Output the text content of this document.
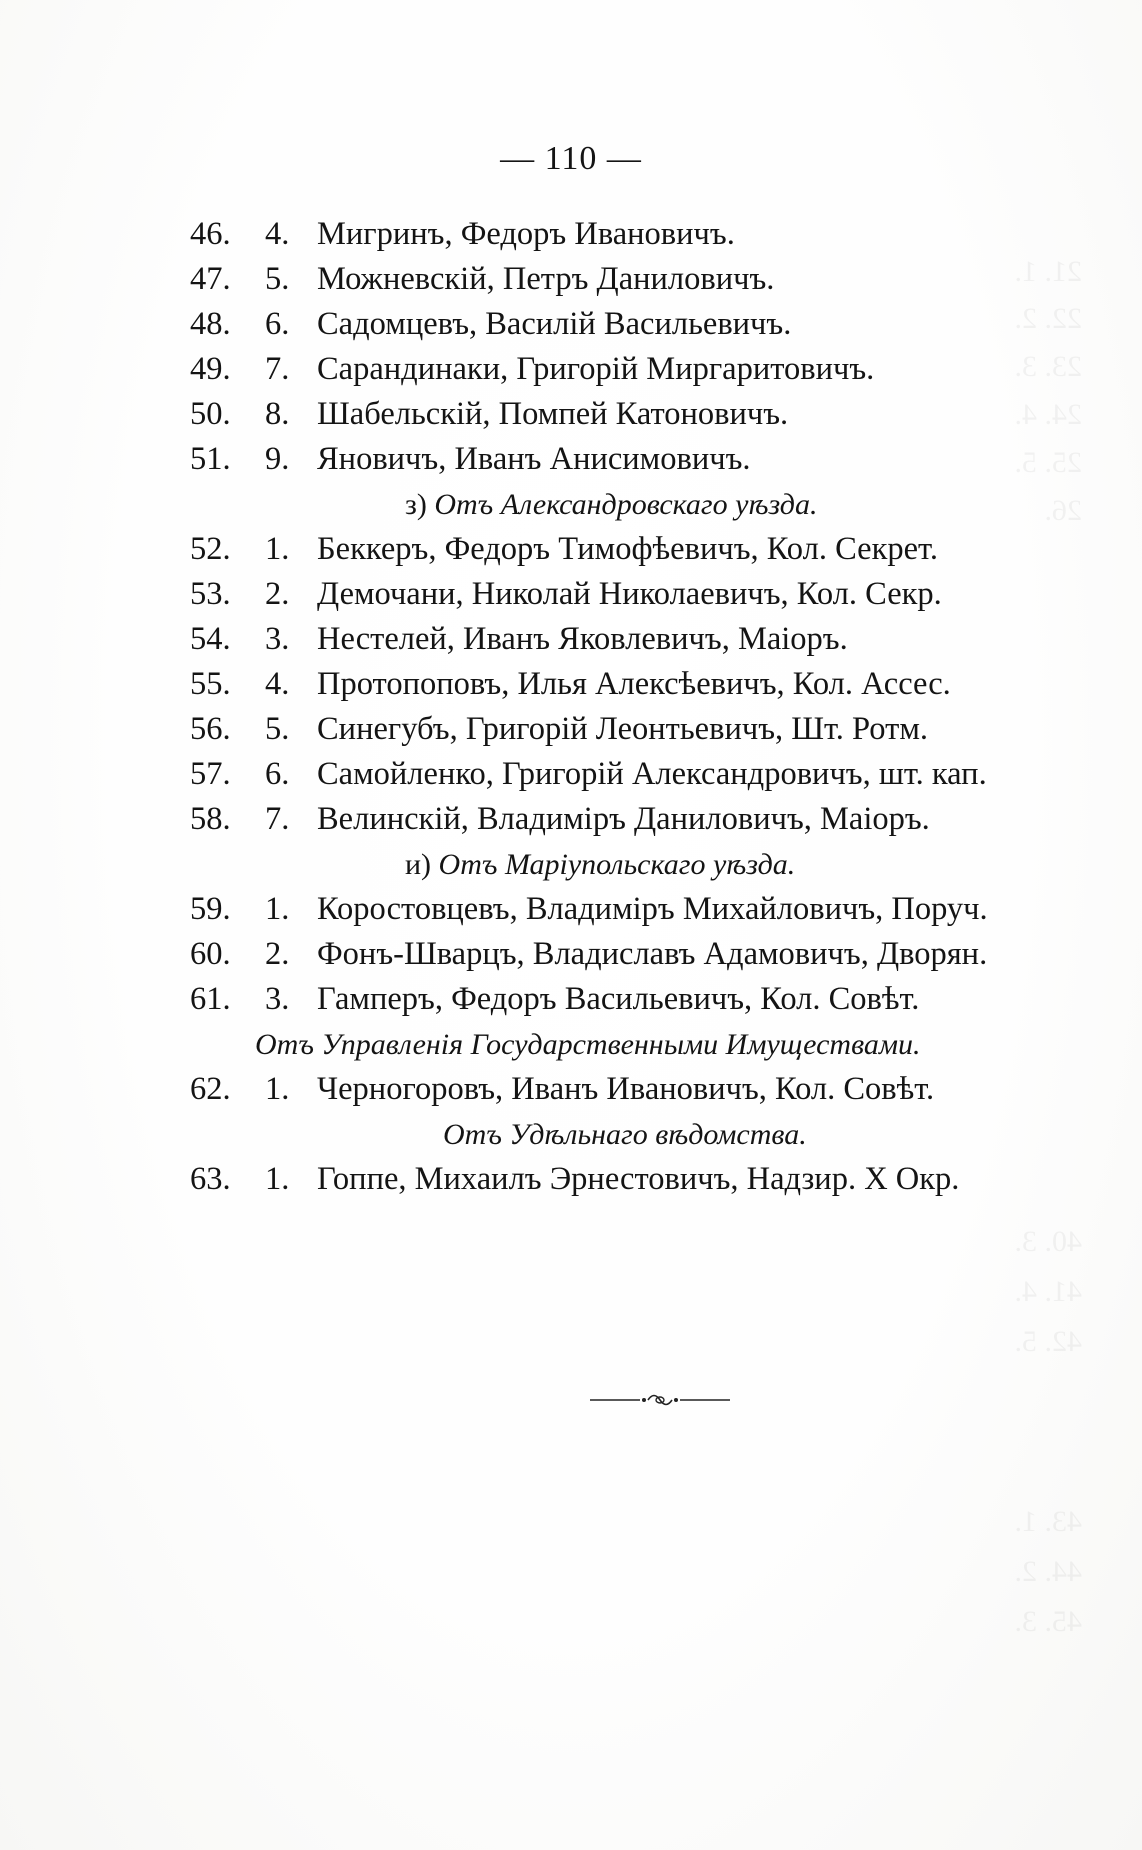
21. 1.
22. 2.
23. 3.
24. 4.
25. 5.
26.
40. 3.
41. 4.
42. 5.
43. 1.
44. 2.
45. 3.
— 110 —
46. 4. Мигринъ, Федоръ Ивановичъ.
47. 5. Можневскій, Петръ Даниловичъ.
48. 6. Садомцевъ, Василій Васильевичъ.
49. 7. Сарандинаки, Григорій Миргаритовичъ.
50. 8. Шабельскій, Помпей Катоновичъ.
51. 9. Яновичъ, Иванъ Анисимовичъ.
з) Отъ Александровскаго уѣзда.
52. 1. Беккеръ, Федоръ Тимофѣевичъ, Кол. Секрет.
53. 2. Демочани, Николай Николаевичъ, Кол. Секр.
54. 3. Нестелей, Иванъ Яковлевичъ, Маіоръ.
55. 4. Протопоповъ, Илья Алексѣевичъ, Кол. Ассес.
56. 5. Синегубъ, Григорій Леонтьевичъ, Шт. Ротм.
57. 6. Самойленко, Григорій Александровичъ, шт. кап.
58. 7. Велинскій, Владиміръ Даниловичъ, Маіоръ.
и) Отъ Маріупольскаго уѣзда.
59. 1. Коростовцевъ, Владиміръ Михайловичъ, Поруч.
60. 2. Фонъ-Шварцъ, Владиславъ Адамовичъ, Дворян.
61. 3. Гамперъ, Федоръ Васильевичъ, Кол. Совѣт.
Отъ Управленія Государственными Имуществами.
62. 1. Черногоровъ, Иванъ Ивановичъ, Кол. Совѣт.
Отъ Удѣльнаго вѣдомства.
63. 1. Гоппе, Михаилъ Эрнестовичъ, Надзир. X Окр.
